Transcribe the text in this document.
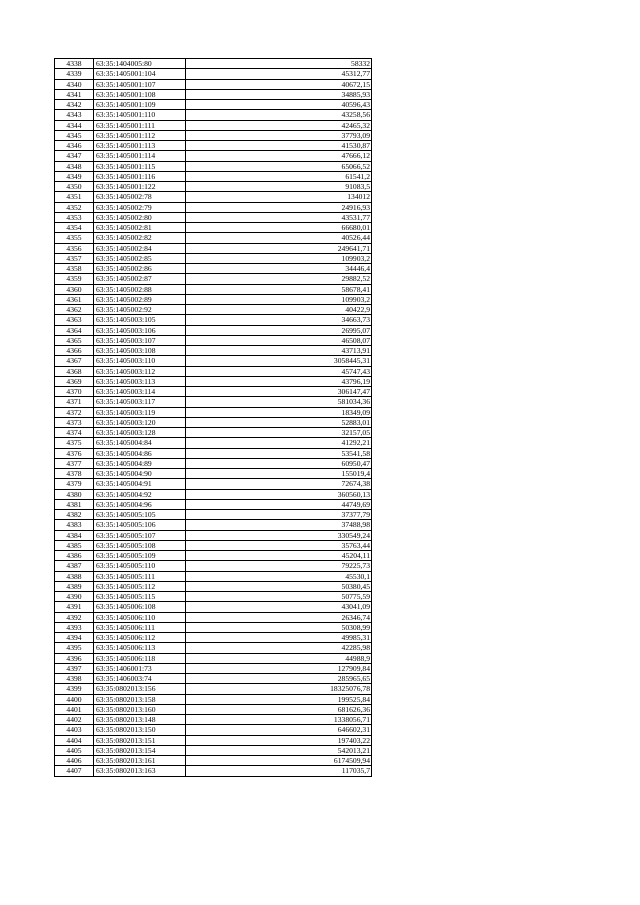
4338	63:35:1404005:80	58332
4339	63:35:1405001:104	45312,77
4340	63:35:1405001:107	40672,15
4341	63:35:1405001:108	34885,93
4342	63:35:1405001:109	40596,43
4343	63:35:1405001:110	43258,56
4344	63:35:1405001:111	42465,32
4345	63:35:1405001:112	37793,09
4346	63:35:1405001:113	41530,87
4347	63:35:1405001:114	47666,12
4348	63:35:1405001:115	65066,52
4349	63:35:1405001:116	61541,2
4350	63:35:1405001:122	91083,5
4351	63:35:1405002:78	134012
4352	63:35:1405002:79	24916,93
4353	63:35:1405002:80	43531,77
4354	63:35:1405002:81	66680,01
4355	63:35:1405002:82	40526,44
4356	63:35:1405002:84	249641,71
4357	63:35:1405002:85	109903,2
4358	63:35:1405002:86	34446,4
4359	63:35:1405002:87	29882,52
4360	63:35:1405002:88	58678,41
4361	63:35:1405002:89	109903,2
4362	63:35:1405002:92	40422,9
4363	63:35:1405003:105	34663,73
4364	63:35:1405003:106	26995,07
4365	63:35:1405003:107	46508,07
4366	63:35:1405003:108	43713,91
4367	63:35:1405003:110	3058445,31
4368	63:35:1405003:112	45747,43
4369	63:35:1405003:113	43796,19
4370	63:35:1405003:114	306147,47
4371	63:35:1405003:117	581034,36
4372	63:35:1405003:119	18349,09
4373	63:35:1405003:120	52883,01
4374	63:35:1405003:128	32157,05
4375	63:35:1405004:84	41292,21
4376	63:35:1405004:86	53541,58
4377	63:35:1405004:89	60950,47
4378	63:35:1405004:90	155019,4
4379	63:35:1405004:91	72674,38
4380	63:35:1405004:92	360560,13
4381	63:35:1405004:96	44749,69
4382	63:35:1405005:105	37377,79
4383	63:35:1405005:106	37488,98
4384	63:35:1405005:107	330549,24
4385	63:35:1405005:108	35763,44
4386	63:35:1405005:109	45204,11
4387	63:35:1405005:110	79225,73
4388	63:35:1405005:111	45530,1
4389	63:35:1405005:112	50380,45
4390	63:35:1405005:115	50775,59
4391	63:35:1405006:108	43041,09
4392	63:35:1405006:110	26346,74
4393	63:35:1405006:111	50308,99
4394	63:35:1405006:112	49985,31
4395	63:35:1405006:113	42285,98
4396	63:35:1405006:118	44988,9
4397	63:35:1406001:73	127909,84
4398	63:35:1406003:74	285965,65
4399	63:35:0802013:156	18325076,78
4400	63:35:0802013:158	199525,84
4401	63:35:0802013:160	681626,36
4402	63:35:0802013:148	1338056,71
4403	63:35:0802013:150	646602,31
4404	63:35:0802013:151	197403,22
4405	63:35:0802013:154	542013,21
4406	63:35:0802013:161	6174509,94
4407	63:35:0802013:163	117035,7
